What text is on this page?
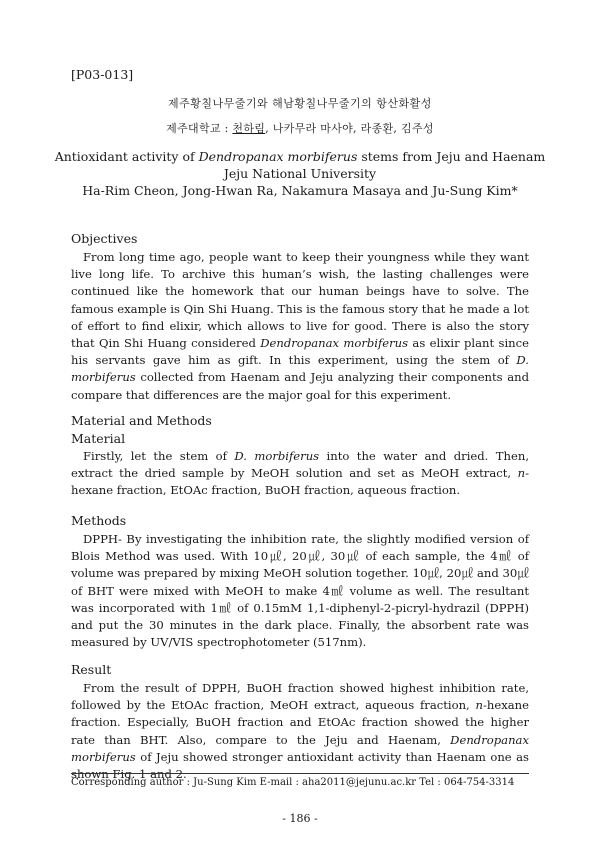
[P03-013]
제주황칠나무줄기와 해남황칠나무줄기의 항산화활성
제주대학교 : 천하림, 나카무라 마사야, 라종환, 김주성
Antioxidant activity of Dendropanax morbiferus stems from Jeju and Haenam
Jeju National University
Ha-Rim Cheon, Jong-Hwan Ra, Nakamura Masaya and Ju-Sung Kim*
Objectives

From long time ago, people want to keep their youngness while they want live long life. To archive this human’s wish, the lasting challenges were continued like the homework that our human beings have to solve. The famous example is Qin Shi Huang. This is the famous story that he made a lot of effort to find elixir, which allows to live for good. There is also the story that Qin Shi Huang considered Dendropanax morbiferus as elixir plant since his servants gave him as gift. In this experiment, using the stem of D. morbiferus collected from Haenam and Jeju analyzing their components and compare that differences are the major goal for this experiment.

Material and Methods
Material

Firstly, let the stem of D. morbiferus into the water and dried. Then, extract the dried sample by MeOH solution and set as MeOH extract, n-hexane fraction, EtOAc fraction, BuOH fraction, aqueous fraction.

Methods

DPPH- By investigating the inhibition rate, the slightly modified version of Blois Method was used. With 10㎕, 20㎕, 30㎕ of each sample, the 4㎖ of volume was prepared by mixing MeOH solution together. 10㎕, 20㎕ and 30㎕ of BHT were mixed with MeOH to make 4㎖ volume as well. The resultant was incorporated with 1㎖ of 0.15mM 1,1-diphenyl-2-picryl-hydrazil (DPPH) and put the 30 minutes in the dark place. Finally, the absorbent rate was measured by UV/VIS spectrophotometer (517nm).

Result

From the result of DPPH, BuOH fraction showed highest inhibition rate, followed by the EtOAc fraction, MeOH extract, aqueous fraction, n-hexane fraction. Especially, BuOH fraction and EtOAc fraction showed the higher rate than BHT. Also, compare to the Jeju and Haenam, Dendropanax morbiferus of Jeju showed stronger antioxidant activity than Haenam one as shown Fig. 1 and 2.

Corresponding author : Ju-Sung Kim E-mail : aha2011@jejunu.ac.kr Tel : 064-754-3314
- 186 -
